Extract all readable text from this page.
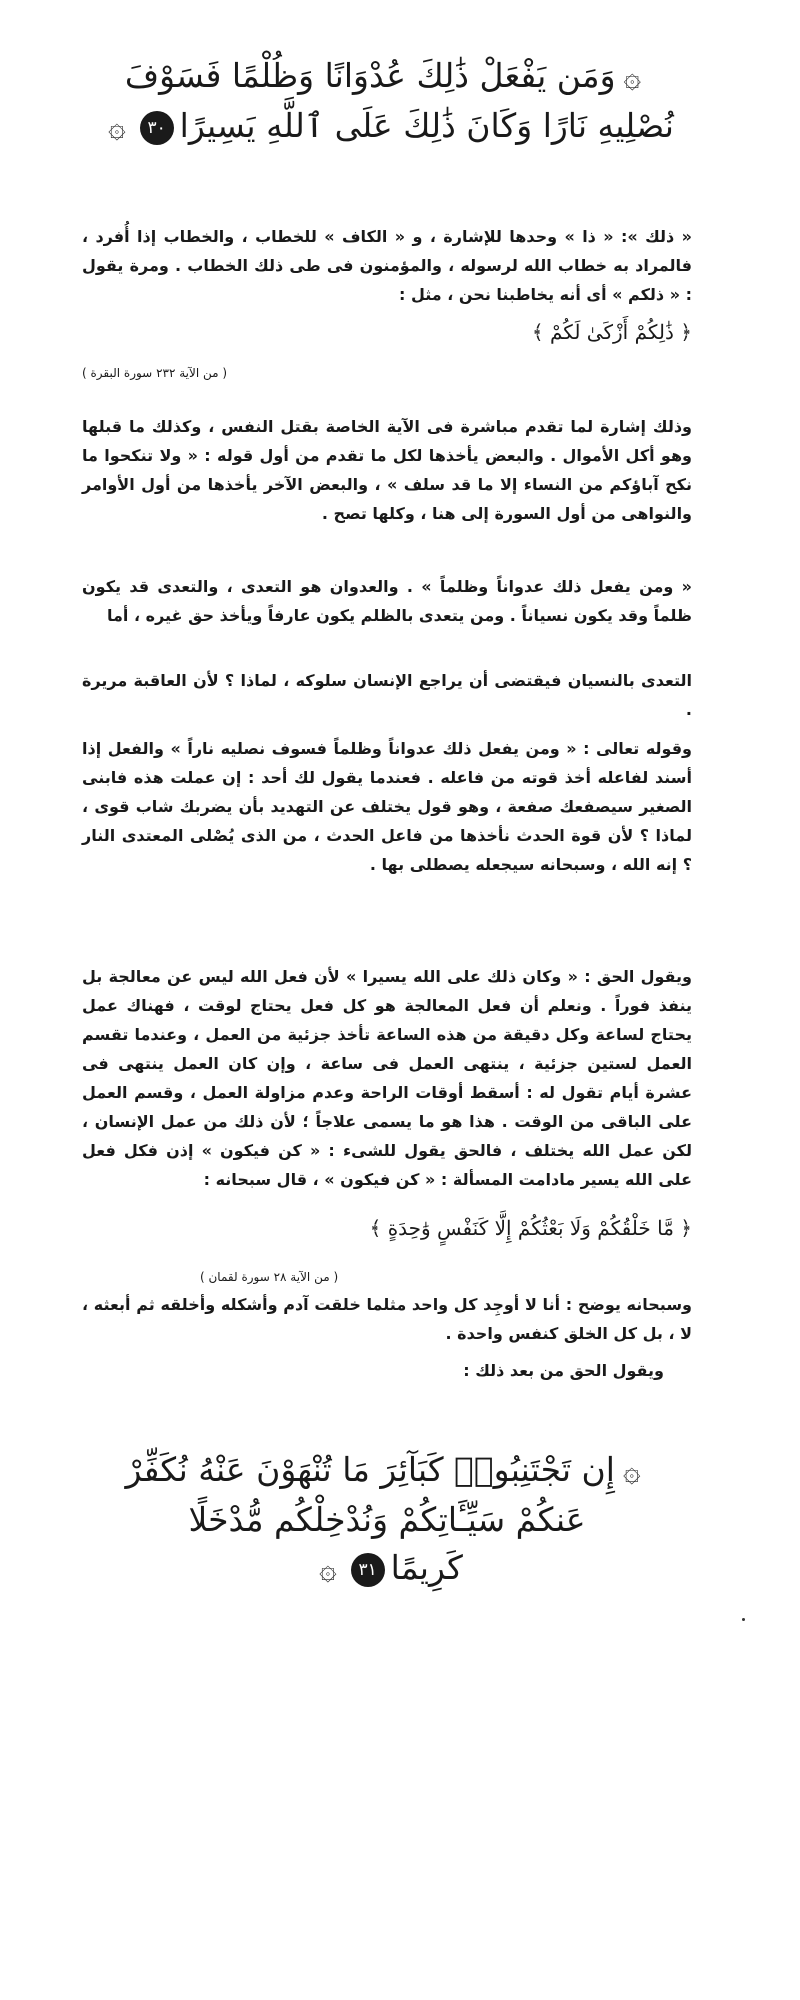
۞وَمَن يَفْعَلْ ذَٰلِكَ عُدْوَانًا وَظُلْمًا فَسَوْفَ
نُصْلِيهِ نَارًا وَكَانَ ذَٰلِكَ عَلَى ٱللَّهِ يَسِيرًا٣٠۞

« ذلك »: « ذا » وحدها للإشارة ، و « الكاف » للخطاب ، والخطاب إذا أُفرد ، فالمراد به خطاب الله لرسوله ، والمؤمنون فى طى ذلك الخطاب . ومرة يقول : « ذلكم » أى أنه يخاطبنا نحن ، مثل :

﴿ ذَٰلِكُمْ أَزْكَىٰ لَكُمْ ﴾
( من الآية ٢٣٢ سورة البقرة )

وذلك إشارة لما تقدم مباشرة فى الآية الخاصة بقتل النفس ، وكذلك ما قبلها وهو أكل الأموال . والبعض يأخذها لكل ما تقدم من أول قوله : « ولا تنكحوا ما نكح آباؤكم من النساء إلا ما قد سلف » ، والبعض الآخر يأخذها من أول الأوامر والنواهى من أول السورة إلى هنا ، وكلها تصح .

« ومن يفعل ذلك عدواناً وظلماً » . والعدوان هو التعدى ، والتعدى قد يكون ظلماً وقد يكون نسياناً . ومن يتعدى بالظلم يكون عارفاً ويأخذ حق غيره ، أما

التعدى بالنسيان فيقتضى أن يراجع الإنسان سلوكه ، لماذا ؟ لأن العاقبة مريرة .

وقوله تعالى : « ومن يفعل ذلك عدواناً وظلماً فسوف نصليه ناراً » والفعل إذا أسند لفاعله أخذ قوته من فاعله . فعندما يقول لك أحد : إن عملت هذه فابنى الصغير سيصفعك صفعة ، وهو قول يختلف عن التهديد بأن يضربك شاب قوى ، لماذا ؟ لأن قوة الحدث نأخذها من فاعل الحدث ، من الذى يُصْلى المعتدى النار ؟ إنه الله ، وسبحانه سيجعله يصطلى بها .

ويقول الحق : « وكان ذلك على الله يسيرا » لأن فعل الله ليس عن معالجة بل ينفذ فوراً . ونعلم أن فعل المعالجة هو كل فعل يحتاج لوقت ، فهناك عمل يحتاج لساعة وكل دقيقة من هذه الساعة تأخذ جزئية من العمل ، وعندما تقسم العمل لستين جزئية ، ينتهى العمل فى ساعة ، وإن كان العمل ينتهى فى عشرة أيام تقول له : أسقط أوقات الراحة وعدم مزاولة العمل ، وقسم العمل على الباقى من الوقت . هذا هو ما يسمى علاجاً ؛ لأن ذلك من عمل الإنسان ، لكن عمل الله يختلف ، فالحق يقول للشىء : « كن فيكون » إذن فكل فعل على الله يسير مادامت المسألة : « كن فيكون » ، قال سبحانه :

﴿ مَّا خَلْقُكُمْ وَلَا بَعْثُكُمْ إِلَّا كَنَفْسٍ وَٰحِدَةٍ ﴾
( من الآية ٢٨ سورة لقمان )

وسبحانه يوضح : أنا لا أوجِد كل واحد مثلما خلقت آدم وأشكله وأخلقه ثم أبعثه ، لا ، بل كل الخلق كنفس واحدة .

ويقول الحق من بعد ذلك :

۞إِن تَجْتَنِبُوا۟ كَبَآئِرَ مَا تُنْهَوْنَ عَنْهُ نُكَفِّرْ
عَنكُمْ سَيِّـَٔاتِكُمْ وَنُدْخِلْكُم مُّدْخَلًا
كَرِيمًا٣١۞
